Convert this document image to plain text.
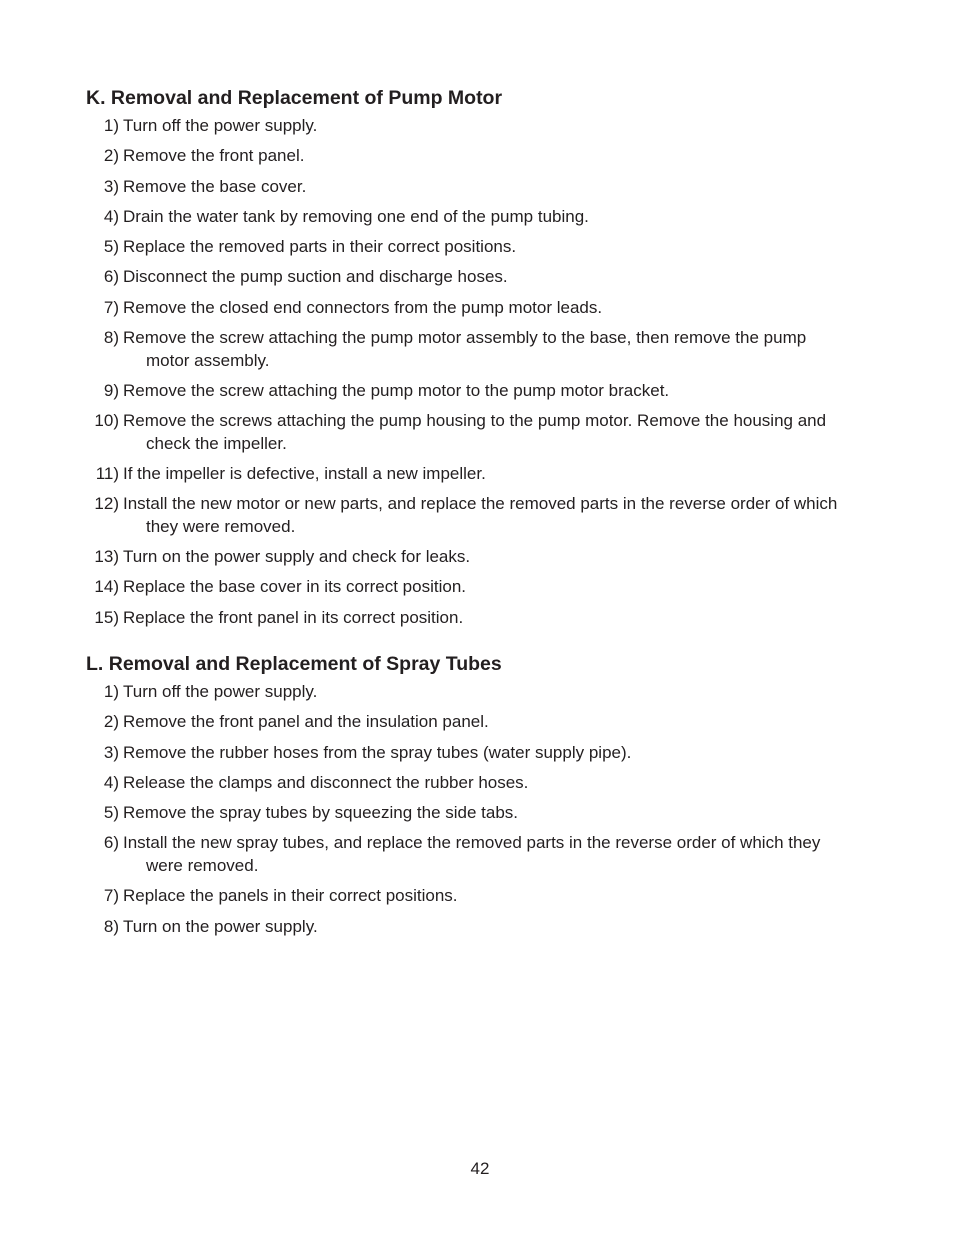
K. Removal and Replacement of Pump Motor
1) Turn off the power supply.
2) Remove the front panel.
3) Remove the base cover.
4) Drain the water tank by removing one end of the pump tubing.
5) Replace the removed parts in their correct positions.
6) Disconnect the pump suction and discharge hoses.
7) Remove the closed end connectors from the pump motor leads.
8) Remove the screw attaching the pump motor assembly to the base, then remove the pump motor assembly.
9) Remove the screw attaching the pump motor to the pump motor bracket.
10) Remove the screws attaching the pump housing to the pump motor. Remove the housing and check the impeller.
11) If the impeller is defective, install a new impeller.
12) Install the new motor or new parts, and replace the removed parts in the reverse order of which they were removed.
13) Turn on the power supply and check for leaks.
14) Replace the base cover in its correct position.
15) Replace the front panel in its correct position.
L. Removal and Replacement of Spray Tubes
1) Turn off the power supply.
2) Remove the front panel and the insulation panel.
3) Remove the rubber hoses from the spray tubes (water supply pipe).
4) Release the clamps and disconnect the rubber hoses.
5) Remove the spray tubes by squeezing the side tabs.
6) Install the new spray tubes, and replace the removed parts in the reverse order of which they were removed.
7) Replace the panels in their correct positions.
8) Turn on the power supply.
42
